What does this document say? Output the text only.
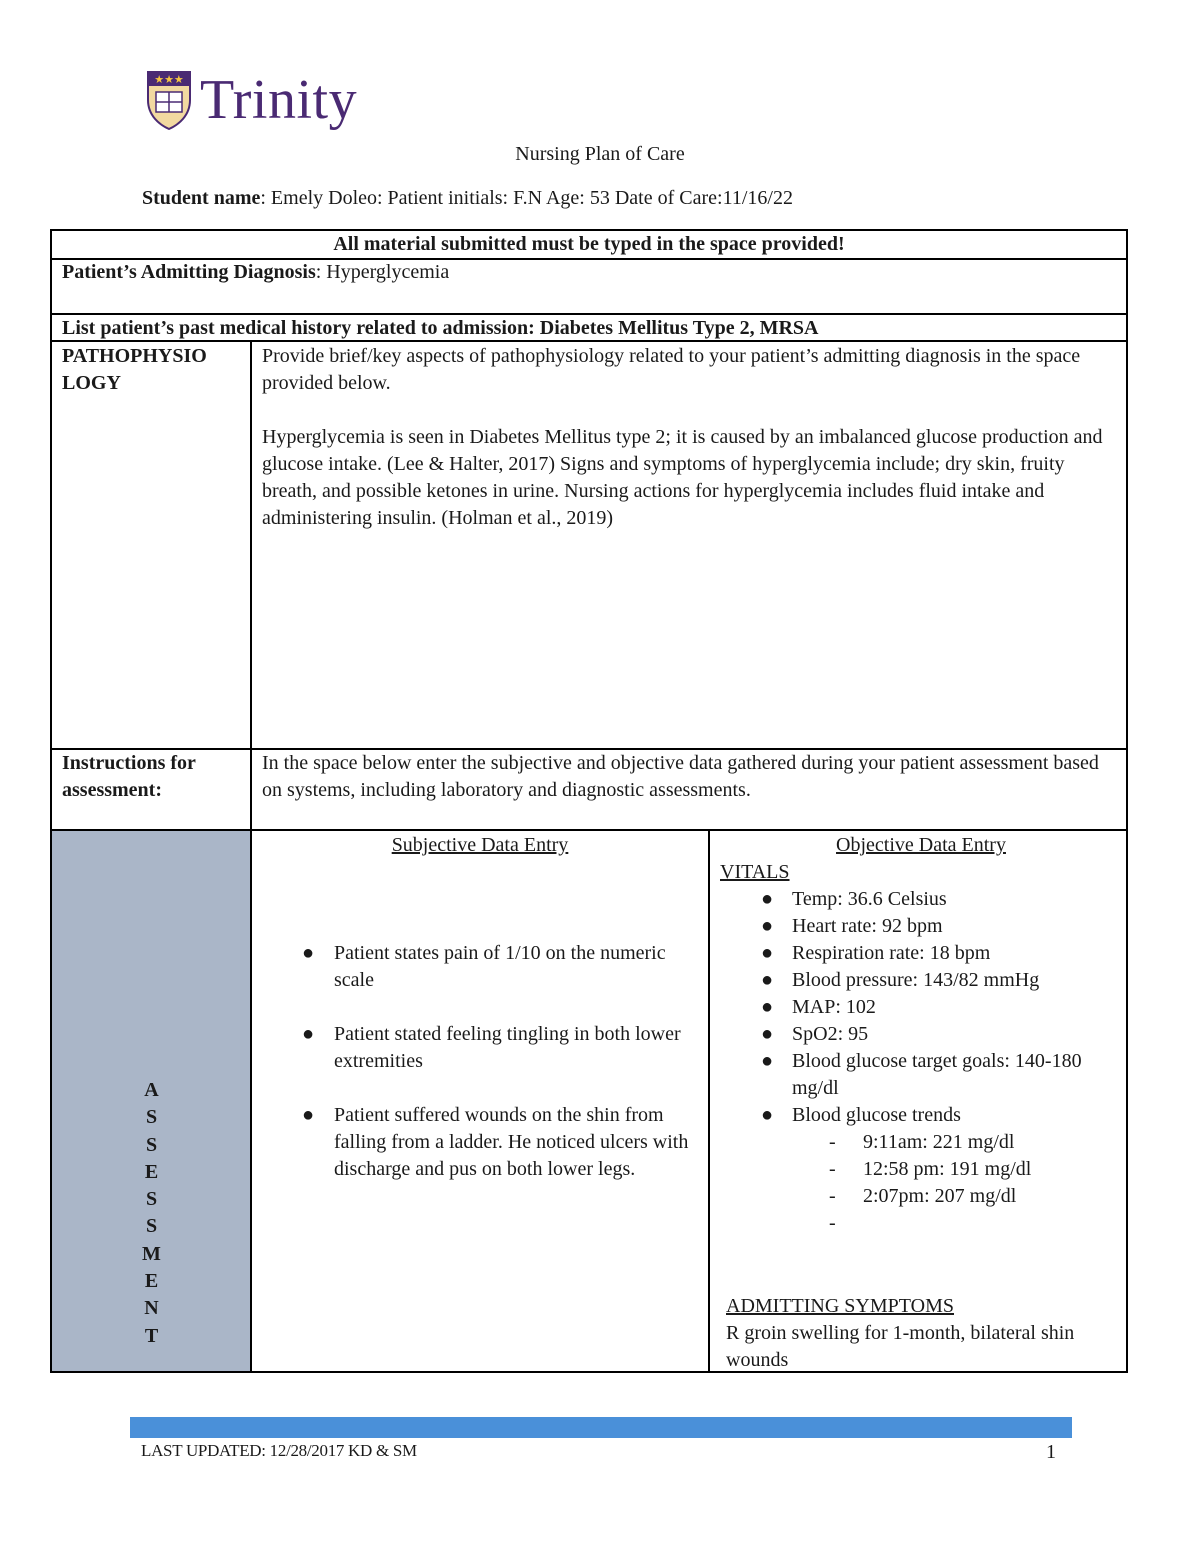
★★★ Trinity
Nursing Plan of Care
Student name: Emely Doleo: Patient initials: F.N Age: 53 Date of Care:11/16/22
All material submitted must be typed in the space provided!
Patient’s Admitting Diagnosis: Hyperglycemia
List patient’s past medical history related to admission: Diabetes Mellitus Type 2, MRSA
PATHOPHYSIO
LOGY
Provide brief/key aspects of pathophysiology related to your patient’s admitting diagnosis in the space provided below.
Hyperglycemia is seen in Diabetes Mellitus type 2; it is caused by an imbalanced glucose production and glucose intake. (Lee & Halter, 2017) Signs and symptoms of hyperglycemia include; dry skin, fruity breath, and possible ketones in urine. Nursing actions for hyperglycemia includes fluid intake and administering insulin. (Holman et al., 2019)
Instructions for assessment:
In the space below enter the subjective and objective data gathered during your patient assessment based on systems, including laboratory and diagnostic assessments.
A
S
S
E
S
S
M
E
N
T
Subjective Data Entry
● Patient states pain of 1/10 on the numeric scale
● Patient stated feeling tingling in both lower extremities
● Patient suffered wounds on the shin from falling from a ladder. He noticed ulcers with discharge and pus on both lower legs.
Objective Data Entry
VITALS
● Temp: 36.6 Celsius
● Heart rate: 92 bpm
● Respiration rate: 18 bpm
● Blood pressure: 143/82 mmHg
● MAP: 102
● SpO2: 95
● Blood glucose target goals: 140-180 mg/dl
● Blood glucose trends
- 9:11am: 221 mg/dl
- 12:58 pm: 191 mg/dl
- 2:07pm: 207 mg/dl
-

ADMITTING SYMPTOMS
R groin swelling for 1-month, bilateral shin wounds
LAST UPDATED: 12/28/2017 KD & SM	1
